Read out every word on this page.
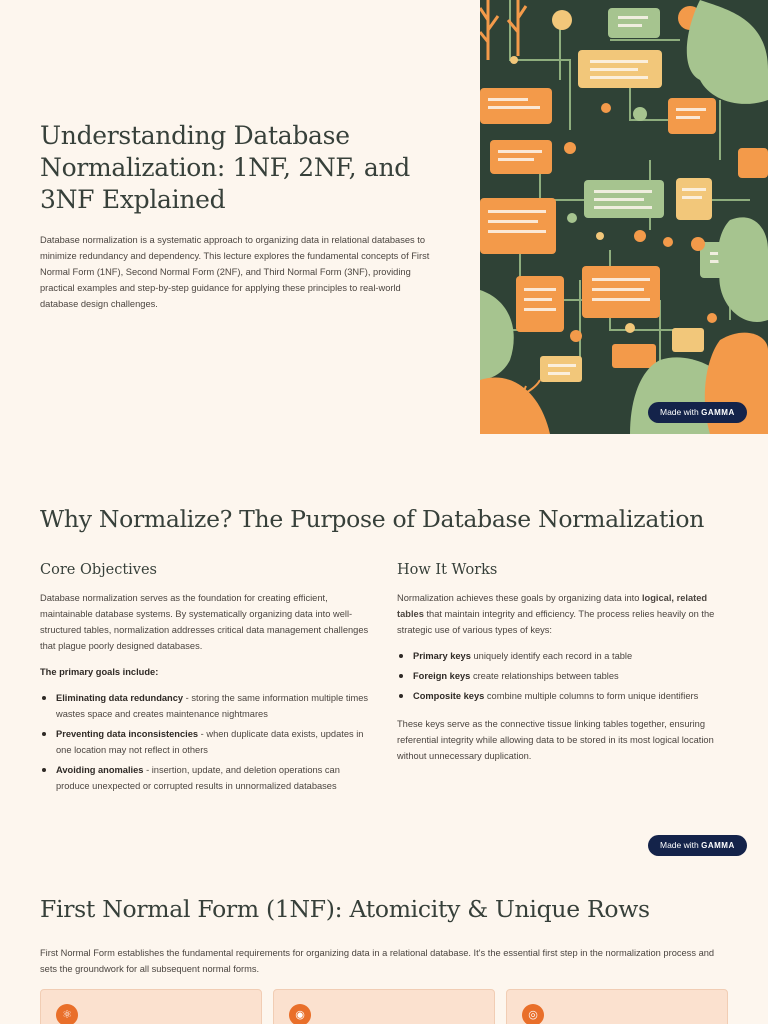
Understanding Database Normalization: 1NF, 2NF, and 3NF Explained

Database normalization is a systematic approach to organizing data in relational databases to minimize redundancy and dependency. This lecture explores the fundamental concepts of First Normal Form (1NF), Second Normal Form (2NF), and Third Normal Form (3NF), providing practical examples and step-by-step guidance for applying these principles to real-world database design challenges.

Made with GAMMA
Why Normalize? The Purpose of Database Normalization
Core Objectives

Database normalization serves as the foundation for creating efficient, maintainable database systems. By systematically organizing data into well-structured tables, normalization addresses critical data management challenges that plague poorly designed databases.

The primary goals include:

Eliminating data redundancy - storing the same information multiple times wastes space and creates maintenance nightmares
Preventing data inconsistencies - when duplicate data exists, updates in one location may not reflect in others
Avoiding anomalies - insertion, update, and deletion operations can produce unexpected or corrupted results in unnormalized databases
How It Works

Normalization achieves these goals by organizing data into logical, related tables that maintain integrity and efficiency. The process relies heavily on the strategic use of various types of keys:

Primary keys uniquely identify each record in a table
Foreign keys create relationships between tables
Composite keys combine multiple columns to form unique identifiers

These keys serve as the connective tissue linking tables together, ensuring referential integrity while allowing data to be stored in its most logical location without unnecessary duplication.

Made with GAMMA
First Normal Form (1NF): Atomicity & Unique Rows

First Normal Form establishes the fundamental requirements for organizing data in a relational database. It's the essential first step in the normalization process and sets the groundwork for all subsequent normal forms.

⚛	◉	◎
